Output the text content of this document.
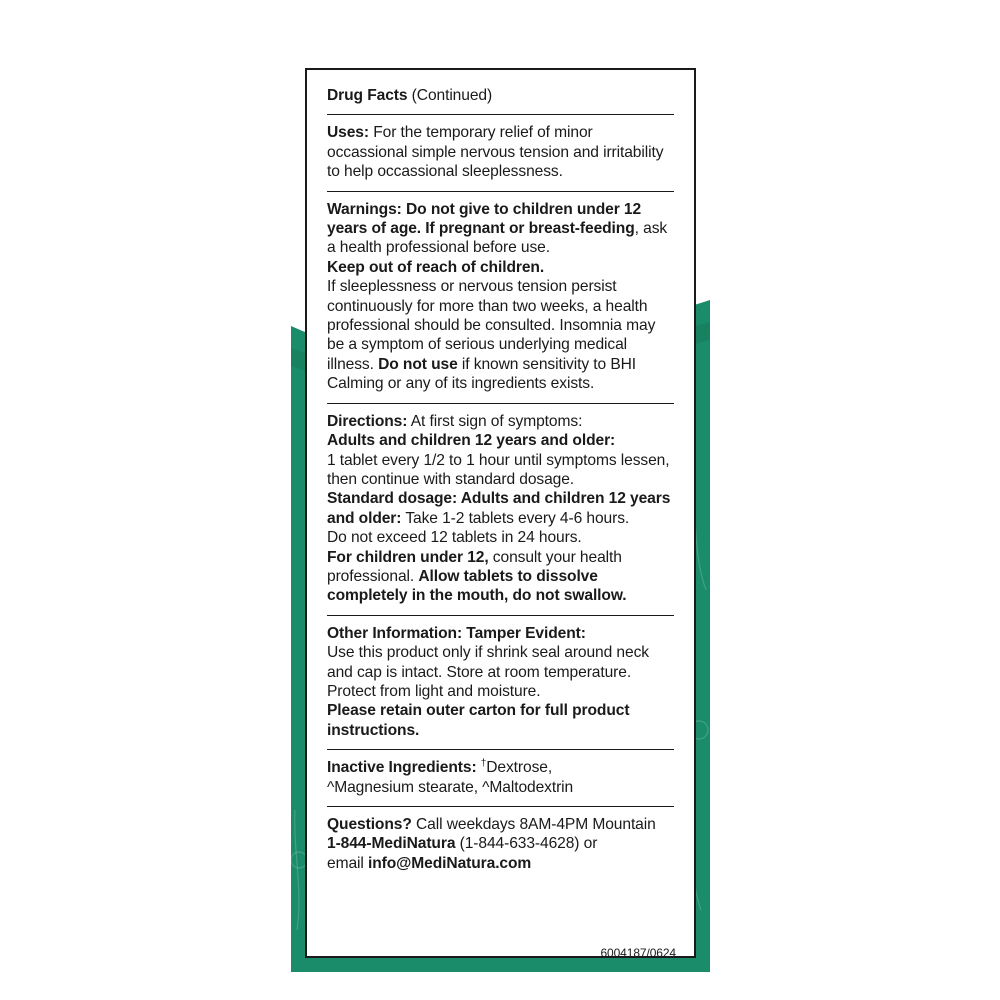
Drug Facts (Continued)

Uses: For the temporary relief of minor occassional simple nervous tension and irritability to help occassional sleeplessness.

Warnings: Do not give to children under 12 years of age. If pregnant or breast-feeding, ask a health professional before use.

Keep out of reach of children.

If sleeplessness or nervous tension persist continuously for more than two weeks, a health professional should be consulted. Insomnia may be a symptom of serious underlying medical illness. Do not use if known sensitivity to BHI Calming or any of its ingredients exists.

Directions: At first sign of symptoms:

Adults and children 12 years and older:

1 tablet every 1/2 to 1 hour until symptoms lessen, then continue with standard dosage.

Standard dosage: Adults and children 12 years and older: Take 1-2 tablets every 4-6 hours.

Do not exceed 12 tablets in 24 hours.

For children under 12, consult your health professional. Allow tablets to dissolve completely in the mouth, do not swallow.

Other Information: Tamper Evident:

Use this product only if shrink seal around neck and cap is intact. Store at room temperature. Protect from light and moisture.

Please retain outer carton for full product instructions.

Inactive Ingredients: †Dextrose,

^Magnesium stearate, ^Maltodextrin

Questions? Call weekdays 8AM-4PM Mountain

1-844-MediNatura (1-844-633-4628) or

email info@MediNatura.com

6004187/0624
